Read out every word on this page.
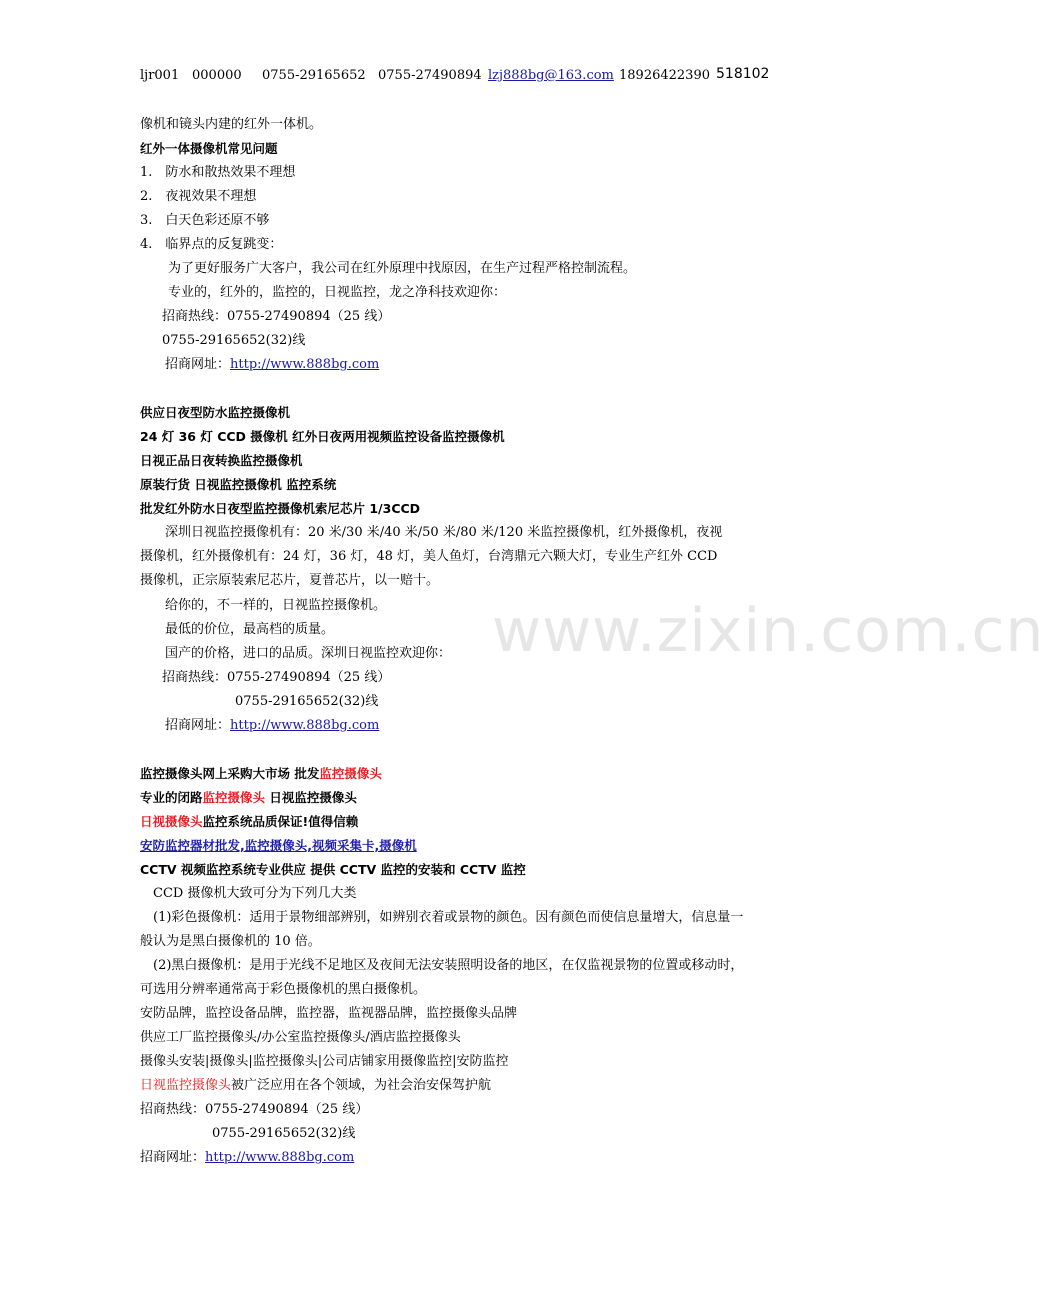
www.zixin.com.cn
ljr001 000000 0755-29165652 0755-27490894 lzj888bg@163.com 18926422390 518102
像机和镜头内建的红外一体机。
红外一体摄像机常见问题
1.　防水和散热效果不理想
2.　夜视效果不理想
3.　白天色彩还原不够
4.　临界点的反复跳变：
为了更好服务广大客户，我公司在红外原理中找原因，在生产过程严格控制流程。
专业的，红外的，监控的，日视监控，龙之净科技欢迎你：
招商热线：0755-27490894（25 线）
0755-29165652(32)线
招商网址：http://www.888bg.com
供应日夜型防水监控摄像机
24 灯 36 灯 CCD 摄像机 红外日夜两用视频监控设备监控摄像机
日视正品日夜转换监控摄像机
原装行货 日视监控摄像机 监控系统
批发红外防水日夜型监控摄像机索尼芯片 1/3CCD
深圳日视监控摄像机有：20 米/30 米/40 米/50 米/80 米/120 米监控摄像机，红外摄像机，夜视
摄像机，红外摄像机有：24 灯，36 灯，48 灯，美人鱼灯，台湾鼎元六颗大灯，专业生产红外 CCD
摄像机，正宗原装索尼芯片，夏普芯片，以一赔十。
给你的，不一样的，日视监控摄像机。
最低的价位，最高档的质量。
国产的价格，进口的品质。深圳日视监控欢迎你：
招商热线：0755-27490894（25 线）
0755-29165652(32)线
招商网址：http://www.888bg.com
监控摄像头网上采购大市场 批发监控摄像头
专业的闭路监控摄像头 日视监控摄像头
日视摄像头监控系统品质保证!值得信赖
安防监控器材批发,监控摄像头,视频采集卡,摄像机
CCTV 视频监控系统专业供应 提供 CCTV 监控的安装和 CCTV 监控
CCD 摄像机大致可分为下列几大类
(1)彩色摄像机：适用于景物细部辨别，如辨别衣着或景物的颜色。因有颜色而使信息量增大，信息量一
般认为是黑白摄像机的 10 倍。
(2)黑白摄像机：是用于光线不足地区及夜间无法安装照明设备的地区，在仅监视景物的位置或移动时，
可选用分辨率通常高于彩色摄像机的黑白摄像机。
安防品牌，监控设备品牌，监控器，监视器品牌，监控摄像头品牌
供应工厂监控摄像头/办公室监控摄像头/酒店监控摄像头
摄像头安装|摄像头|监控摄像头|公司店铺家用摄像监控|安防监控
日视监控摄像头被广泛应用在各个领域，为社会治安保驾护航
招商热线：0755-27490894（25 线）
0755-29165652(32)线
招商网址：http://www.888bg.com
